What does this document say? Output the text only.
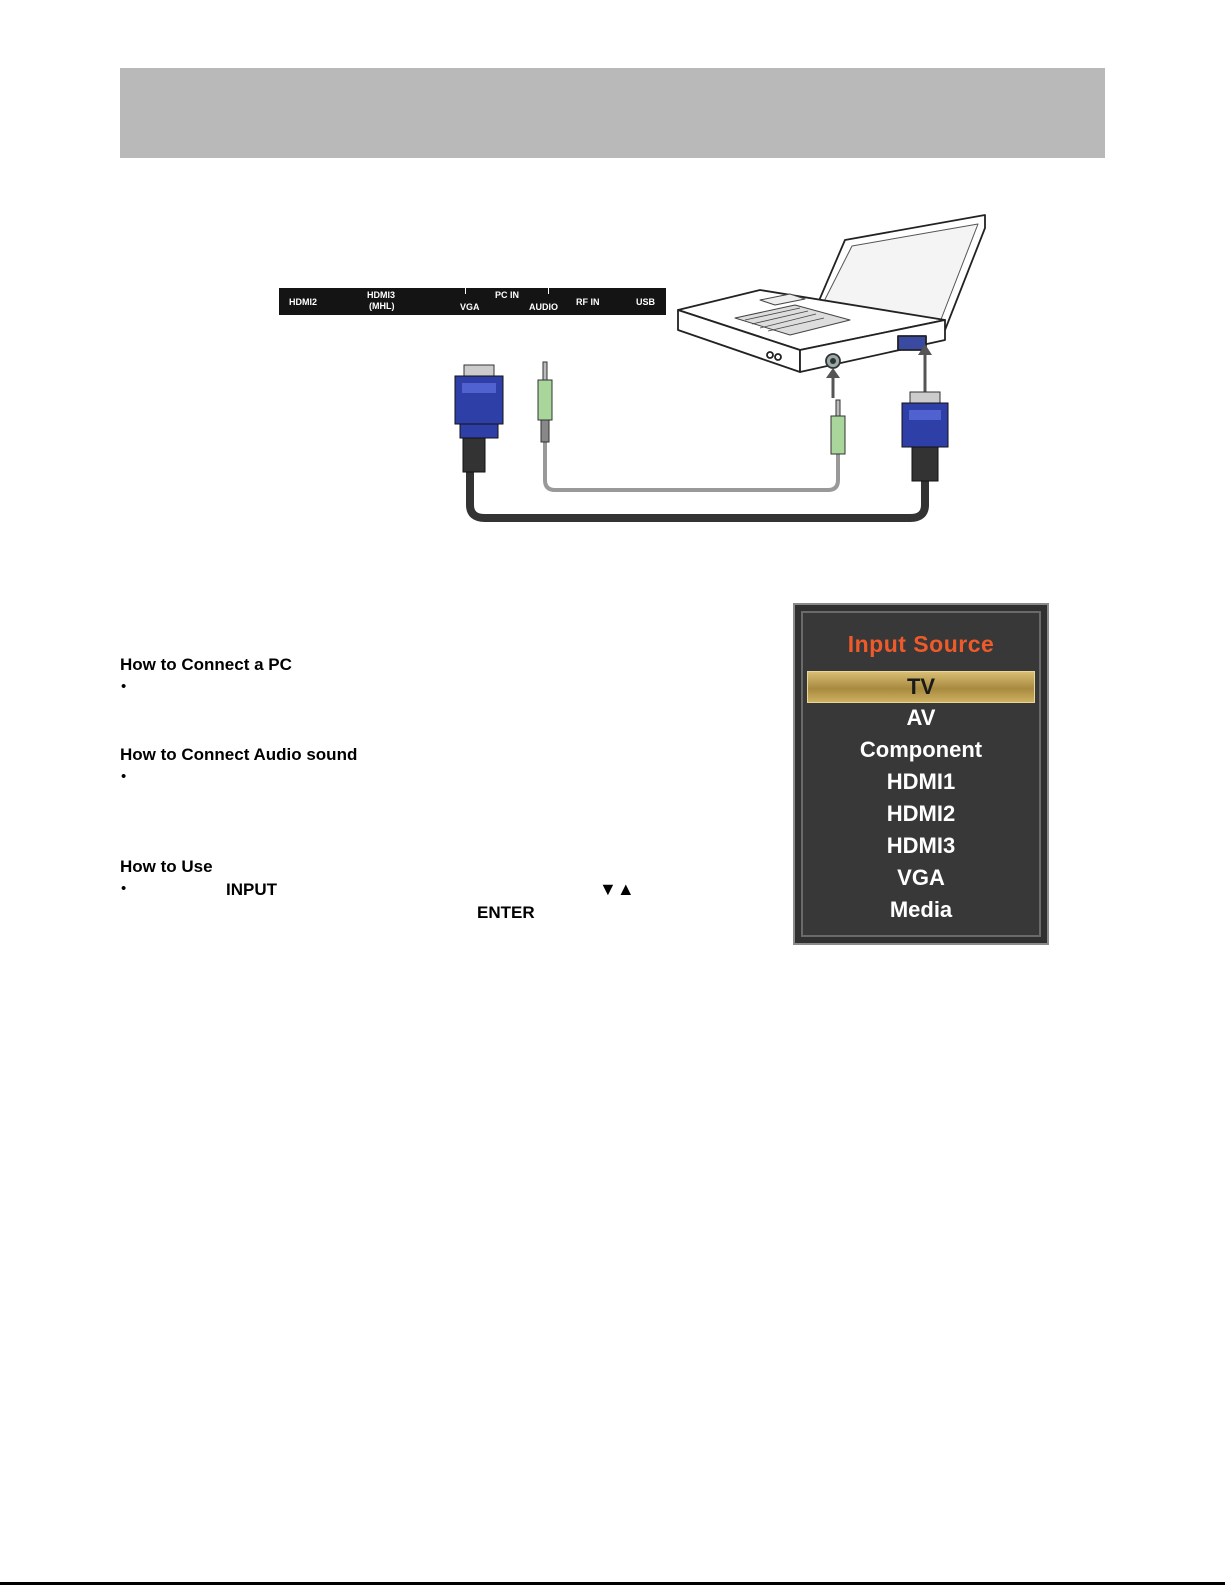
HDMI2
HDMI3
(MHL)
PC IN
VGA	AUDIO RF IN	USB
How to Connect a PC
•
How to Connect Audio sound
•
How to Use
•	INPUT	▼▲
ENTER
Input Source
TV
AV
Component
HDMI1
HDMI2
HDMI3
VGA
Media
